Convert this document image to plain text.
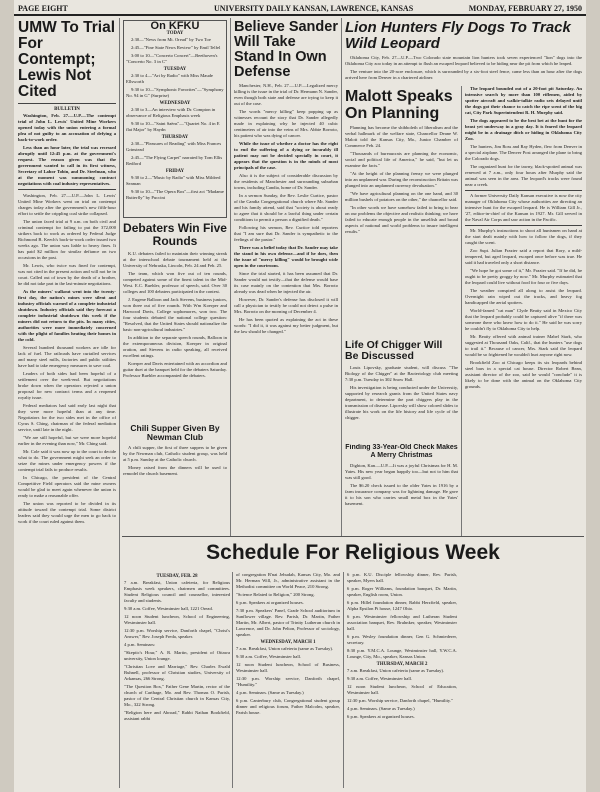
PAGE EIGHT	UNIVERSITY DAILY KANSAN, LAWRENCE, KANSAS	MONDAY, FEBRUARY 27, 1950
UMW To Trial For Contempt; Lewis Not Cited
BULLETIN

Washington, Feb. 27.—U.P.—The contempt trial of John L. Lewis' United Mine Workers opened today with the union entering a formal plea of not guilty to an accusation of defying a back-to-work order.

Less than an hour later, the trial was recessed abruptly until 12:45 p.m. at the government's request. The reason given was that the government wanted to call in its first witness, Secretary of Labor Tobin, and Dr. Steelman, who at the moment was summoning contract negotiations with coal industry representatives.

Washington, Feb. 27.—U.P.—John L. Lewis' United Mine Workers went on trial on contempt charges today after the government's new fifth-hour effort to settle the crippling coal strike collapsed.

The union faced trial at 9 a.m. on both civil and criminal contempt for failing to put the 372,000 strikers back to work as ordered by Federal Judge Richmond B. Keech's back-to-work order issued two weeks ago. The union was liable to heavy fines. It has paid $2 million for similar defiance on two occasions in the past.

Mr. Lewis, who twice was fined for contempt, was not cited in the present action and will not be in court. Called out of town by the death of a brother, he did not take part in the last-minute negotiations.

As the miners' walkout went into the twenty-first day, the nation's mines were silent and industry officials warned of a complete industrial shutdown. Industry officials said they forecast a complete industrial shutdown this week if the miners did not return to the pits. In many cities, authorities were more immediately concerned with the plight of families heating their homes in the cold.

Several hundred thousand workers are idle for lack of fuel. The railroads have curtailed services and many steel mills, factories and public utilities have had to take emergency measures to save coal.

Leaders of both sides had been hopeful of a settlement over the week-end. But negotiations broke down when the operators rejected a union proposal for new contract terms and a reopened royalty issue.

Federal mediators had said early last night that they were more hopeful than at any time. Negotiators for the two sides met in the office of Cyrus S. Ching, chairman of the federal mediation service, until late in the night.

"We are still hopeful, but we were more hopeful earlier in the evening than now," Mr. Ching said.

Mr. Cole said it was now up to the court to decide what to do. The government might seek an order to seize the mines under emergency powers if the contempt trial fails to produce results.

In Chicago, the president of the Central Competitive Field operators said the mine owners would be glad to meet again whenever the union is ready to make a reasonable offer.

The union was reported to be divided in its attitude toward the contempt trial. Some district leaders said they would urge the men to go back to work if the court ruled against them.

On KFKU
TODAY

2:30—"News from Mt. Oread" by Two Toe

2:45—"Fine State News Review" by Emil Telfel

3:00 to 10—"Concerto Concert"—Beethoven's "Concerto No. 3 in C"

TUESDAY

2:30 to 4—"Art by Radio" with Miss Maude Ellsworth

9:30 to 10—"Symphonic Favorites"—"Symphony No. 94 in G" (Surprise)

WEDNESDAY

2:30 to 3—An interview with Dr. Compton in observance of Religious Emphasis week

9:30 to 10—"Saint Saëns"—"Quartet No. 4 in E flat Major" by Haydn

THURSDAY

2:30—"Pleasures of Reading" with Miss Frances Grinstead

2:45—"The Flying Carpet" narrated by Tom Ellis Redford

FRIDAY

9:30 to 2—"Music by Radio" with Miss Mildred Seaman

9:30 to 10—"The Opera Box"—first act "Madame Butterfly" by Puccini

Debaters Win Five Rounds

K.U. debaters failed to maintain their winning streak at the interschool debate tournament held at the University of Nebraska, Lincoln, Feb. 24 and Feb. 25.

The team, which won five out of ten rounds, competed against some of the finest talent in the Mid-West. E.C. Buehler, professor of speech, said. Over 30 colleges and 100 debaters participated in the contest.

J. Eugene Balloon and Jack Stevens, business juniors, won three out of five rounds. With Wm Koerper and Harwood Davis, College sophomores, won two. The four students debated the national college question: "Resolved, that the United States should nationalize the basic non-agricultural industries."

In addition to the separate speech rounds, Balloon in the extemporaneous division, Koerper in original oration, and Stevens in radio speaking, all received excellent ratings.

Koerper and Davis entertained with an accordion and guitar duet at the banquet held for the debaters Saturday. Professor Buehler accompanied the debaters.

Chili Supper Given By Newman Club

A chili supper, the first of three suppers to be given by the Newman club, Catholic student group, was held at 5 p.m. Sunday at the Catholic church.

Money raised from the dinners will be used to remodel the church basement.

Believe Sander Will Take Stand In Own Defense

Manchester, N.H., Feb. 27.—U.P.—Legalized mercy killing is the issue in the trial of Dr. Hermann N. Sander, even though both state and defense are trying to keep it out of the case.

The words "mercy killing" keep popping up as witnesses recount the story that Dr. Sander allegedly made in explaining why he injected 40 cubic centimeters of air into the veins of Mrs. Abbie Borroto, his patient who was dying of cancer.

While the issue of whether a doctor has the right to end the suffering of a dying or incurably ill patient may not be decided specially in court, it appears that the question is in the minds of most principals of the case.

Also it is the subject of considerable discussion by the residents of Manchester and surrounding suburban towns, including Candia, home of Dr. Sander.

In a sermon Sunday, the Rev. Leslie Curtice, pastor of the Candia Congregational church where Mr. Sander and his family attend, said that "society is about ready to agree that it should be a lawful thing under certain conditions to permit a person a dignified death."

Following his sermon, Rev. Curtice told reporters that "I am sure that Dr. Sander is sympathetic to the feelings of the pastor."

There was a belief today that Dr. Sander may take the stand in his own defense—and if he does, then the issue of "mercy killing" would be brought wide open in the courtroom.

Since the trial started, it has been assumed that Dr. Sander would not testify—that the defense would base its case mainly on the contention that Mrs. Borroto already was dead when he injected the air.

However, Dr. Sander's defense has disclosed it will call a physician to testify he could not detect a pulse in Mrs. Borroto on the morning of December 4.

He has been quoted as explaining the act in these words: "I did it, it was against my better judgment, but the law should be changed."

Lion Hunters Fly Dogs To Track Wild Leopard

Oklahoma City, Feb. 27—U.P.—Two Colorado state mountain lion hunters took seven experienced "lion" dogs into the Oklahoma City zoo today in an attempt to flush an escaped leopard believed to be hiding near the pit from which he leaped.

The venture into the 20-acre enclosure, which is surrounded by a six-foot steel fence, came less than an hour after the dogs arrived here from Denver in a chartered airliner.

The leopard bounded out of a 20-foot pit Saturday. An intensive search by more than 100 riflemen, aided by spotter aircraft and walkie-talkie radio sets delayed until the dogs got their chance to catch the ripe scent of the big cat, City Park Superintendent R. H. Murphy said.

The dogs appeared to be the best bet at the hunt for the beast yet underway in a gray day. It is feared the leopard might be in a drainage ditch or hiding in Oklahoma City Zoo.

The hunters, Jim Ross and Ray Hyden, flew from Denver in a special airplane. The Denver Post arranged the plane to bring the Colorado dogs.

The organized hunt for the tawny, black-spotted animal was renewed at 7 a.m., only four hours after Murphy said the animal was seen in the area. The leopard's tracks were found near a creek.

A former University Daily Kansan executive is now the city manager of Oklahoma City whose authorities are directing an intensive hunt for the escaped leopard. He is William Gill Jr., '27, editor-in-chief of the Kansan in 1927. Mr. Gill served in the Naval Air Corps and saw action in the Pacific.

Mr. Murphy's instructions to shoot all huntsmen on hand at the start dealt mainly with how to follow the dogs, if they caught the scent.

Zoo Supt. Julian Frazier said a report that Rory, a mild-tempered, but aged leopard, escaped once before was true. He said it had traveled only a short distance.

"We hope he got some of it," Mr. Frazier said. "If he did, he ought to be pretty groggy by now." Mr. Murphy estimated that the leopard could live without food for four or five days.

The weather conspired all along to assist the leopard. Overnight rain wiped out the tracks, and heavy fog handicapped the aerial spotters.

World-famed "cat man" Clyde Beatty said in Mexico City that the leopard probably could be captured alive "if there was someone there who knew how to do it." He said he was sorry he couldn't fly to Oklahoma City to help.

Mr. Beatty offered with animal trainer Mabel Stark, who suggested at Thousand Oaks, Calif., that the hunters "use dogs to trail it." Because of cancer, Mrs. Stark said the leopard would be so frightened he wouldn't hurt anyone right now.

Brookfield Zoo at Chicago keeps its six leopards behind steel bars in a special cat house. Director Robert Bean, assistant director of the zoo, said he would "conclude" it is likely to be done with the animal on the Oklahoma City grounds.

Malott Speaks On Planning

Planning has become the shibboleth of liberalism and the verbal hallmark of the welfare state, Chancellor Deane W. Malott told the Kansas City, Mo., Junior Chamber of Commerce Feb. 24.

"Thousands of bureaucrats are planning the economic, social and political life of America," he said, "but let us examine the facts."

"At the height of the planning frenzy we were plunged into an unplanned war. During the reconstruction Britain was plunged into an unplanned currency devaluation."

"We have agricultural planning on the one hand, and 30 million bushels of potatoes on the other," the chancellor said.

"In other words we have somehow failed to bring to bear on our problems the objective and realistic thinking; we have failed to educate enough people in the unselfish and broad aspects of national and world problems to insure intelligent results."

Life Of Chigger Will Be Discussed

Louis Lipovsky, graduate student, will discuss "The Biology of the Chigger" at the Bacteriology club meeting 7:30 p.m. Tuesday in 302 Snow Hall.

His investigation is being conducted under the University, supported by research grants from the United States navy department, to determine the part chiggers play in the transmission of disease. Lipovsky will show colored slides to illustrate his work on the life history and life cycle of the chigger.

Finding 33-Year-Old Check Makes A Merry Christmas

Dighton, Kan.—U.P.—It was a joyful Christmas for H. M. Yates. His new year began happily too—but not to him that was still good.

The $6.20 check issued to the older Yates in 1916 by a farm insurance company was for lightning damage. He gave it to his son who carries small metal box in the Yates' basement.

Schedule For Religious Week
TUESDAY, FEB. 28

7 a.m. Breakfast, Union cafeteria, for Religious Emphasis week speakers, chairmen and committees. Student Religious council and counsellor, interested faculty and students.

9:30 a.m. Coffee, Westminster hall, 1221 Oread.

12 noon Student luncheon, School of Engineering, Westminster hall.

12:30 p.m. Worship service, Danforth chapel, "Christ's Answer," Rev. Joseph Freda, speaker.

4 p.m. Seminars:

"Skeptic's Hour," A. R. Martin, president of Ottawa university, Union lounge.

"Christian Love and Marriage," Rev. Charles Ewald Buhnell, professor of Christian studies, University of Arkansas, 266 Strong.

"The Question Box," Father Gene Martin, rector of the church of Carthage, Mo. and Rev. Thomas O. Parish, pastor of the Central Christian church in Kansas City, Mo., 322 Strong.

"Religion here and Abroad," Rabbi Nathan Bookfield, assistant rabbi

of congregation B'nai Jehudah, Kansas City, Mo. and Mr. Herman Will, Jr., administrative assistant in the Methodist committee on World Peace, 210 Strong.

"Science Related to Religion," 200 Strong.

6 p.m. Speakers at organized houses.

7:30 p.m. Speakers' Panel, Grade School auditorium in Sunflower village. Rev. Parish, Dr. Martin, Father Martin, Mr. Albert, pastor of Trinity Lutheran church in Lawrence, and Dr. John Pelton, Professor of sociology, speaker.

WEDNESDAY, MARCH 1

7 a.m. Breakfast, Union cafeteria (same as Tuesday).

9:30 a.m. Coffee, Westminster hall.

12 noon Student luncheon, School of Business, Westminster hall.

12:30 p.m. Worship service, Danforth chapel, "Humility."

4 p.m. Seminars. (Same as Tuesday.)

6 p.m. Canterbury club, Congregational student group dinner and religious forum, Father Malcolm, speaker, Parish house.

6 p.m. K.U. Disciple fellowship dinner, Rev. Parish, speaker, Myers hall.

6 p.m. Roger Williams, foundation banquet, Dr. Martin, speaker, English room, Union.

6 p.m. Hillel foundation dinner, Rabbi Herzfield, speaker, Alpha Epsilon Pi house, 1247 Ohio.

6 p.m. Westminster fellowship and Lutheran Student association banquet, Rev. Bruhnker, speaker, Westminster hall.

6 p.m. Wesley foundation dinner, Gen G. Schmiederer, secretary.

8:30 p.m. Y.M.C.A. Lounge, Westminster hall, Y.W.C.A. Lounge, City, Mo., speaker, Kansas Union.

THURSDAY, MARCH 2

7 a.m. Breakfast, Union cafeteria (same as Tuesday).

9:30 a.m. Coffee, Westminster hall.

12 noon Student luncheon, School of Education, Westminster hall.

12:30 p.m. Worship service, Danforth chapel, "Humility."

4 p.m. Seminars. (Same as Tuesday.)

6 p.m. Speakers at organized houses.
